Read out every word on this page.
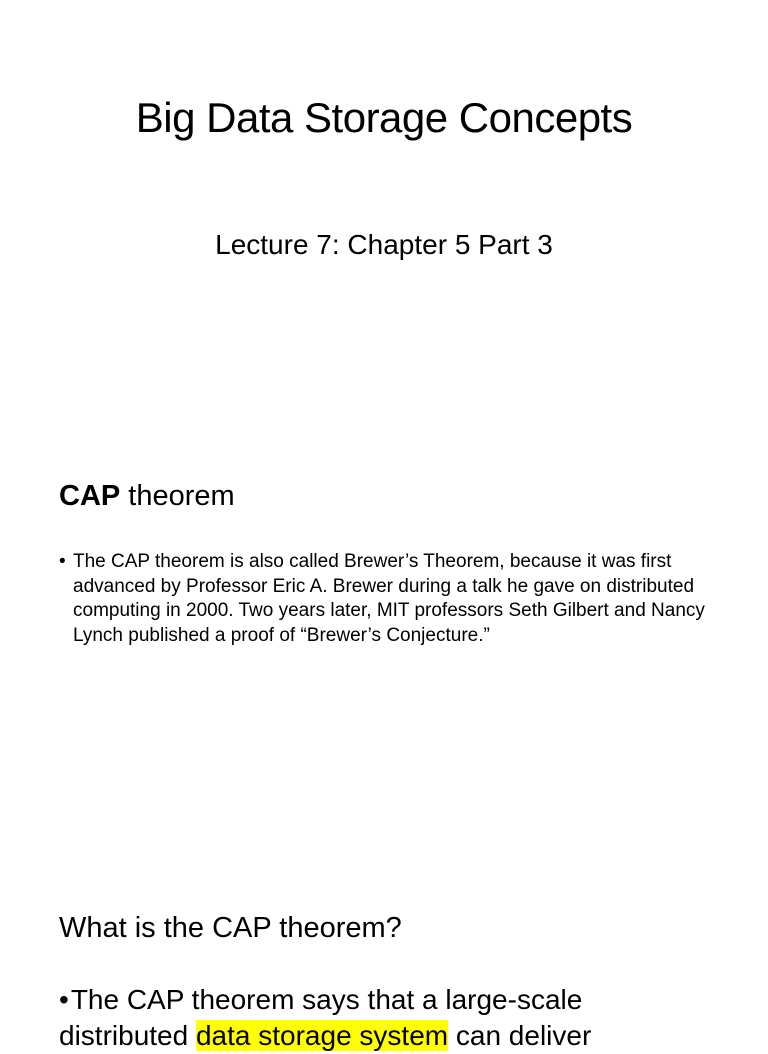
Big Data Storage Concepts
Lecture 7: Chapter 5 Part 3
CAP theorem
• The CAP theorem is also called Brewer’s Theorem, because it was first advanced by Professor Eric A. Brewer during a talk he gave on distributed computing in 2000. Two years later, MIT professors Seth Gilbert and Nancy Lynch published a proof of “Brewer’s Conjecture.”
What is the CAP theorem?
•The CAP theorem says that a large-scale
distributed data storage system can deliver
